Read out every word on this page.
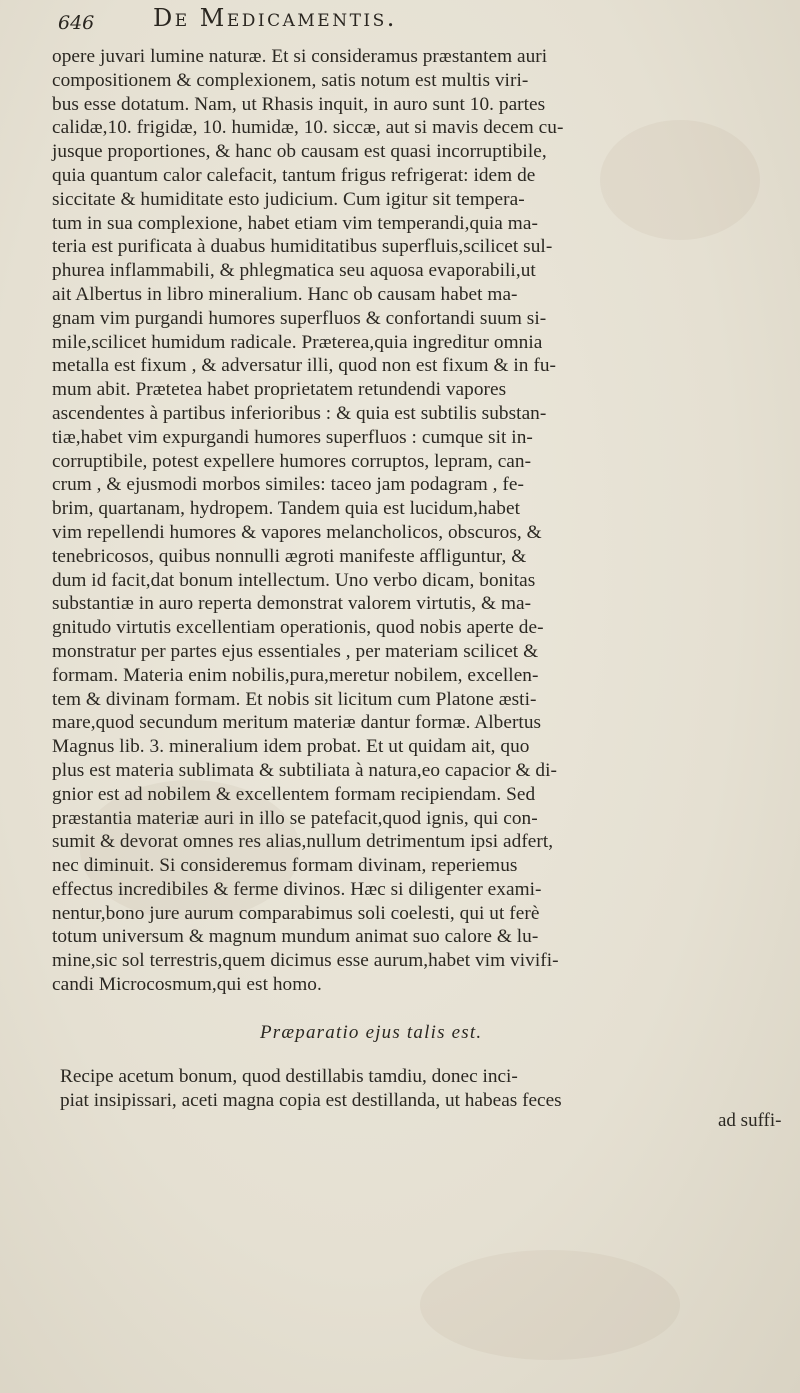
646 De Medicamentis.
opere juvari lumine naturæ. Et si consideramus præstantem auri
compositionem & complexionem, satis notum est multis viri-
bus esse dotatum. Nam, ut Rhasis inquit, in auro sunt 10. partes
calidæ,10. frigidæ, 10. humidæ, 10. siccæ, aut si mavis decem cu-
jusque proportiones, & hanc ob causam est quasi incorruptibile,
quia quantum calor calefacit, tantum frigus refrigerat: idem de
siccitate & humiditate esto judicium. Cum igitur sit tempera-
tum in sua complexione, habet etiam vim temperandi,quia ma-
teria est purificata à duabus humiditatibus superfluis,scilicet sul-
phurea inflammabili, & phlegmatica seu aquosa evaporabili,ut
ait Albertus in libro mineralium. Hanc ob causam habet ma-
gnam vim purgandi humores superfluos & confortandi suum si-
mile,scilicet humidum radicale. Præterea,quia ingreditur omnia
metalla est fixum , & adversatur illi, quod non est fixum & in fu-
mum abit. Prætetea habet proprietatem retundendi vapores
ascendentes à partibus inferioribus : & quia est subtilis substan-
tiæ,habet vim expurgandi humores superfluos : cumque sit in-
corruptibile, potest expellere humores corruptos, lepram, can-
crum , & ejusmodi morbos similes: taceo jam podagram , fe-
brim, quartanam, hydropem. Tandem quia est lucidum,habet
vim repellendi humores & vapores melancholicos, obscuros, &
tenebricosos, quibus nonnulli ægroti manifeste affliguntur, &
dum id facit,dat bonum intellectum. Uno verbo dicam, bonitas
substantiæ in auro reperta demonstrat valorem virtutis, & ma-
gnitudo virtutis excellentiam operationis, quod nobis aperte de-
monstratur per partes ejus essentiales , per materiam scilicet &
formam. Materia enim nobilis,pura,meretur nobilem, excellen-
tem & divinam formam. Et nobis sit licitum cum Platone æsti-
mare,quod secundum meritum materiæ dantur formæ. Albertus
Magnus lib. 3. mineralium idem probat. Et ut quidam ait, quo
plus est materia sublimata & subtiliata à natura,eo capacior & di-
gnior est ad nobilem & excellentem formam recipiendam. Sed
præstantia materiæ auri in illo se patefacit,quod ignis, qui con-
sumit & devorat omnes res alias,nullum detrimentum ipsi adfert,
nec diminuit. Si consideremus formam divinam, reperiemus
effectus incredibiles & ferme divinos. Hæc si diligenter exami-
nentur,bono jure aurum comparabimus soli coelesti, qui ut ferè
totum universum & magnum mundum animat suo calore & lu-
mine,sic sol terrestris,quem dicimus esse aurum,habet vim vivifi-
candi Microcosmum,qui est homo.
Præparatio ejus talis est.
Recipe acetum bonum, quod destillabis tamdiu, donec inci-
piat insipissari, aceti magna copia est destillanda, ut habeas feces
ad suffi-
